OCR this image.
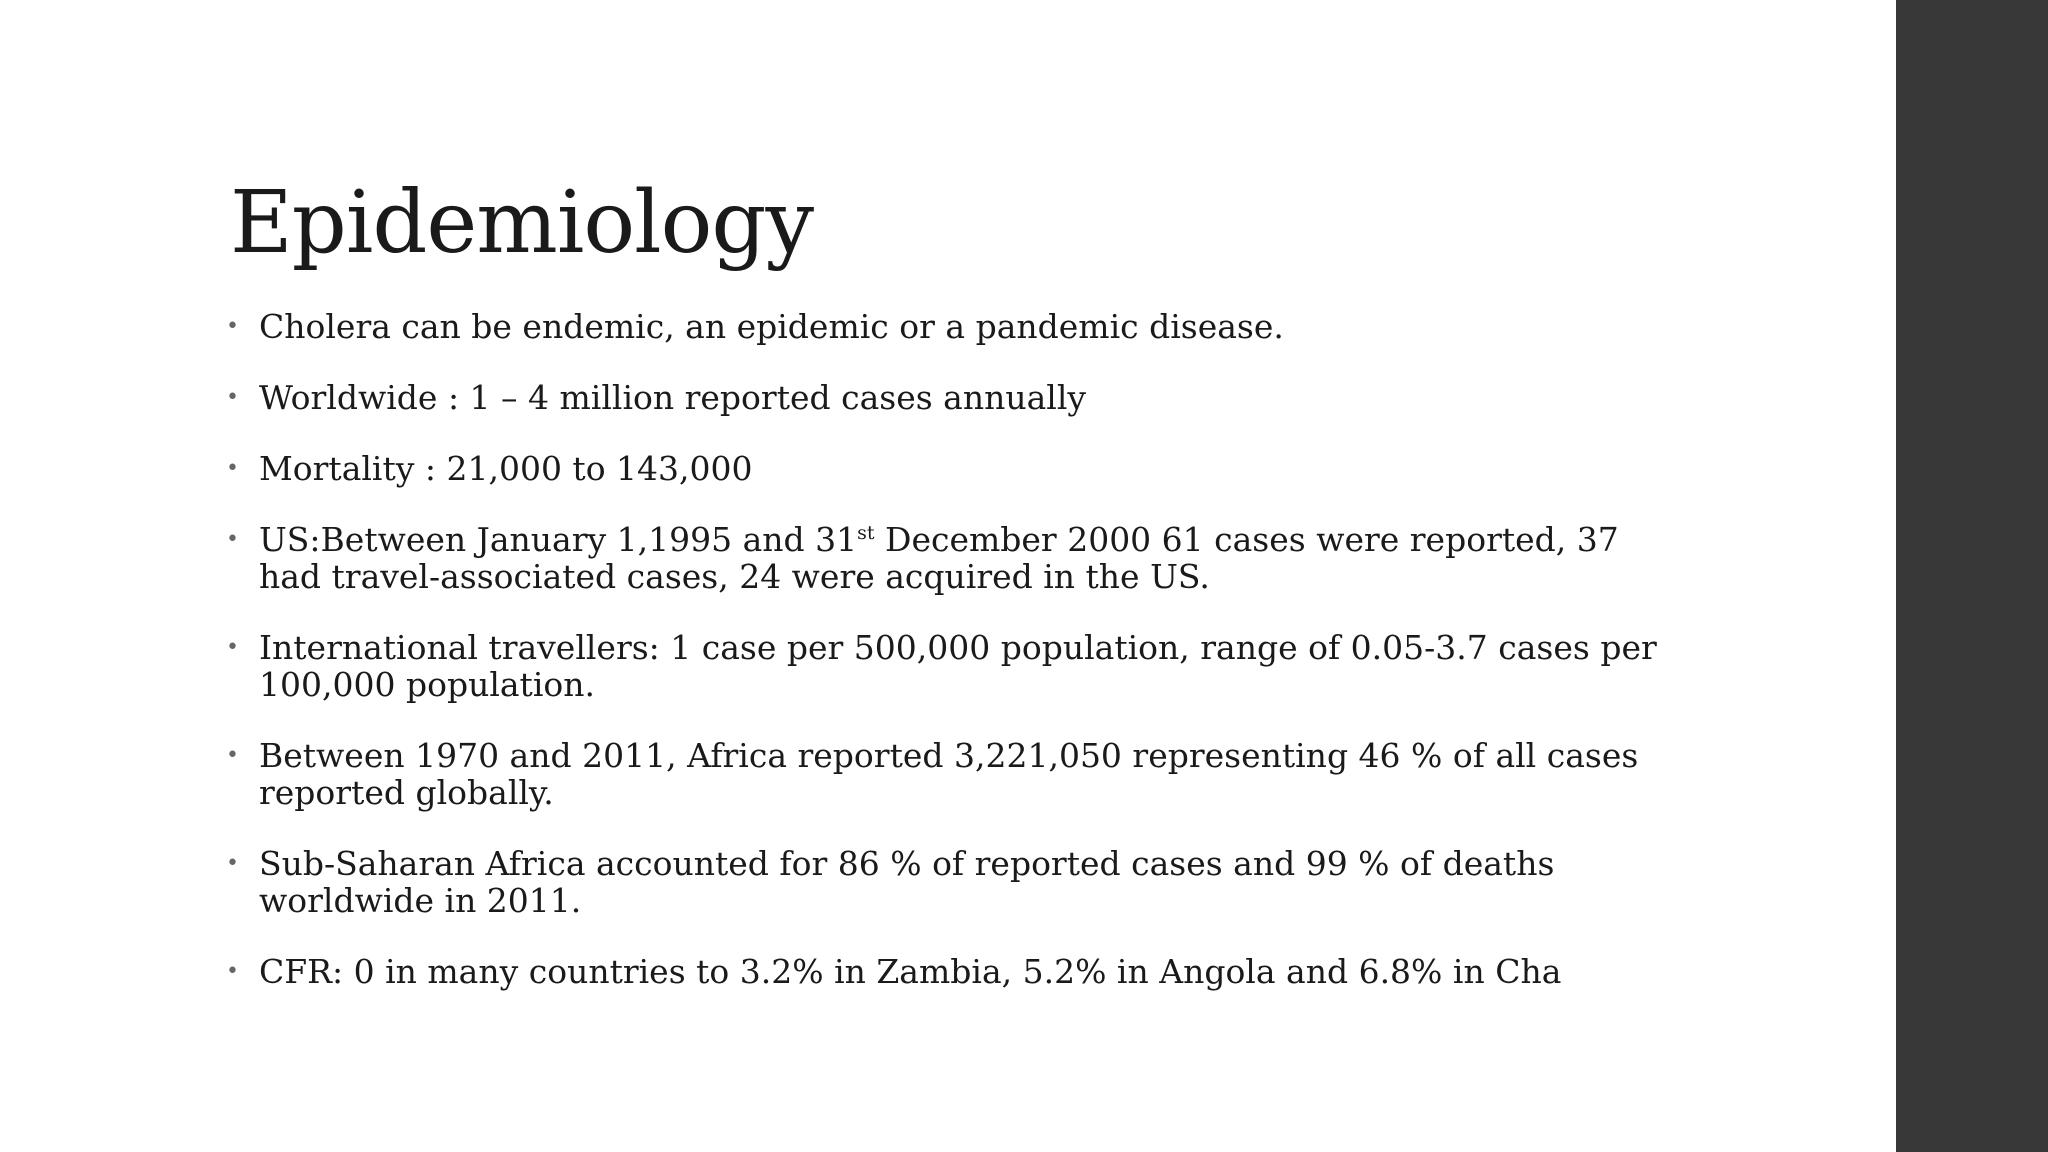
Epidemiology
• Cholera can be endemic, an epidemic or a pandemic disease.
• Worldwide : 1 – 4 million reported cases annually
• Mortality : 21,000 to 143,000
• US:Between January 1,1995 and 31st December 2000 61 cases were reported, 37 had travel-associated cases, 24 were acquired in the US.
• International travellers: 1 case per 500,000 population, range of 0.05-3.7 cases per 100,000 population.
• Between 1970 and 2011, Africa reported 3,221,050 representing 46 % of all cases reported globally.
• Sub-Saharan Africa accounted for 86 % of reported cases and 99 % of deaths worldwide in 2011.
• CFR: 0 in many countries to 3.2% in Zambia, 5.2% in Angola and 6.8% in Cha
